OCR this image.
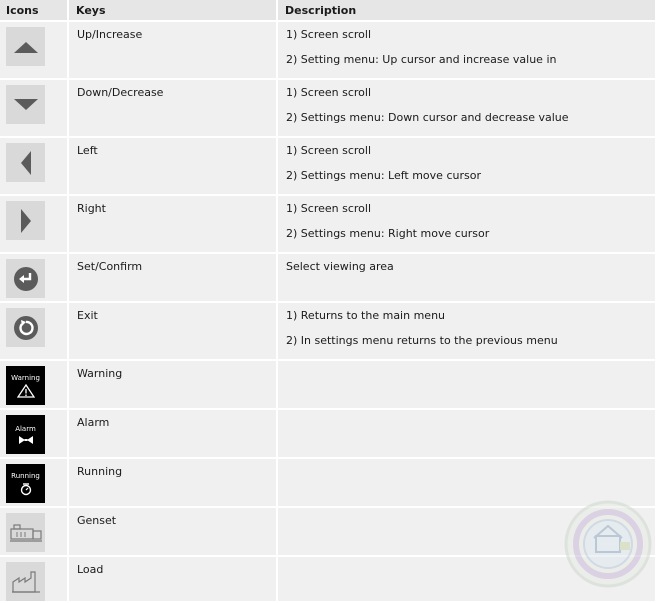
Icons	Keys	Description

	Up/Increase	1) Screen scroll
2) Setting menu: Up cursor and increase value in

	Down/Decrease	1) Screen scroll
2) Settings menu: Down cursor and decrease value

	Left	1) Screen scroll
2) Settings menu: Left move cursor

	Right	1) Screen scroll
2) Settings menu: Right move cursor

	Set/Confirm	Select viewing area

	Exit	1) Returns to the main menu
2) In settings menu returns to the previous menu

Warning	Warning	

Alarm	Alarm	

Running	Running	

	Genset	

	Load	
